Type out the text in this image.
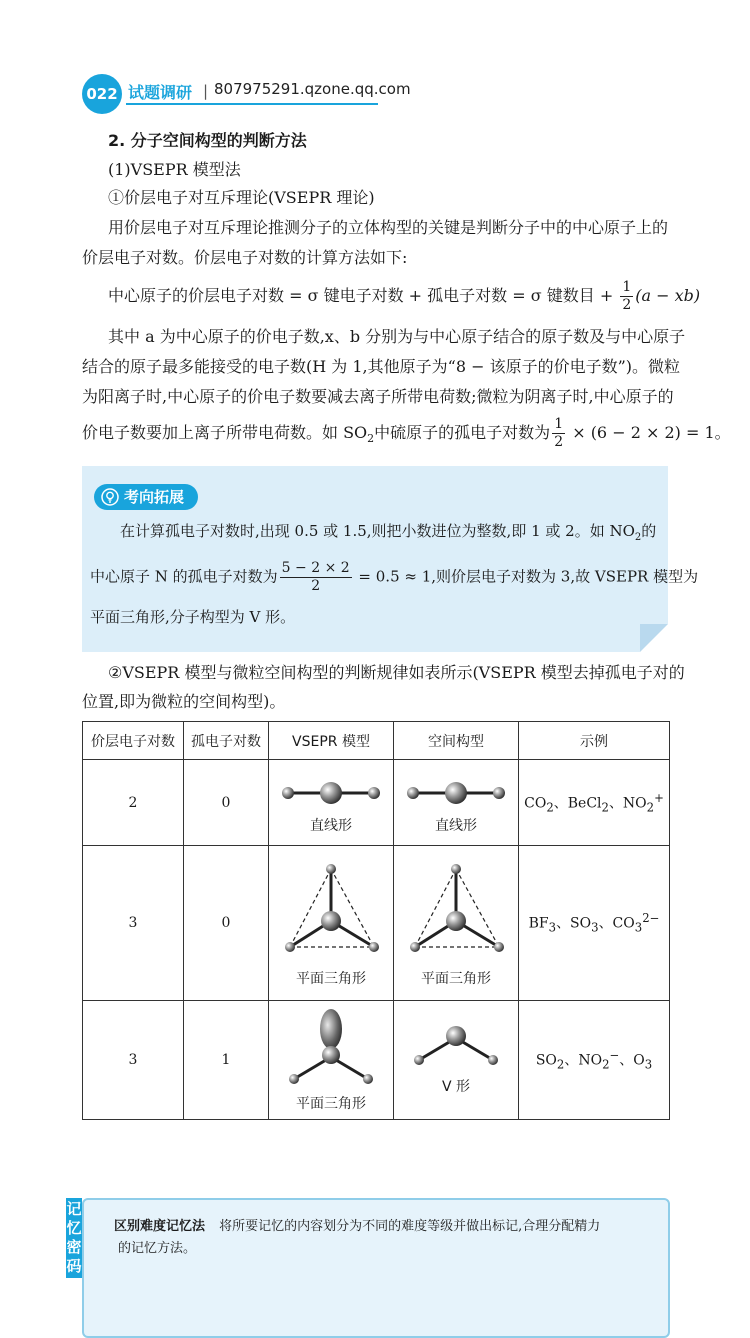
022 试题调研 | 807975291.qzone.qq.com
2. 分子空间构型的判断方法
(1)VSEPR 模型法
①价层电子对互斥理论(VSEPR 理论)
用价层电子对互斥理论推测分子的立体构型的关键是判断分子中的中心原子上的
价层电子对数。价层电子对数的计算方法如下:
中心原子的价层电子对数 = σ 键电子对数 + 孤电子对数 = σ 键数目 + $\frac{1}{2} (a - xb)$
其中 a 为中心原子的价电子数,x、b 分别为与中心原子结合的原子数及与中心原子
结合的原子最多能接受的电子数(H 为 1,其他原子为“8 − 该原子的价电子数”)。微粒
为阳离子时,中心原子的价电子数要减去离子所带电荷数;微粒为阴离子时,中心原子的
价电子数要加上离子所带电荷数。如 $SO_2$中硫原子的孤电子对数为 $\frac{1}{2} \times (6 - 2 \times 2) = 1$。
考向拓展
在计算孤电子对数时,出现 0.5 或 1.5,则把小数进位为整数,即 1 或 2。如 $NO_2$的
中心原子 N 的孤电子对数为 $\frac{5 - 2 \times 2}{2} = 0.5 \approx 1$,则价层电子对数为 3,故 VSEPR 模型为
平面三角形,分子构型为 V 形。
②VSEPR 模型与微粒空间构型的判断规律如表所示(VSEPR 模型去掉孤电子对的
位置,即为微粒的空间构型)。
价层电子对数	孤电子对数	VSEPR 模型	空间构型	示例
2	0	直线形	直线形	$CO_2$、BeCl$_2$、$NO_2^+$
3	0	平面三角形	平面三角形	$BF_3$、$SO_3$、$CO_3^{2-}$
3	1	平面三角形	V 形	$SO_2$、$NO_2^-$、$O_3$
记忆密码
区别难度记忆法 将所要记忆的内容划分为不同的难度等级并做出标记,合理分配精力
的记忆方法。
